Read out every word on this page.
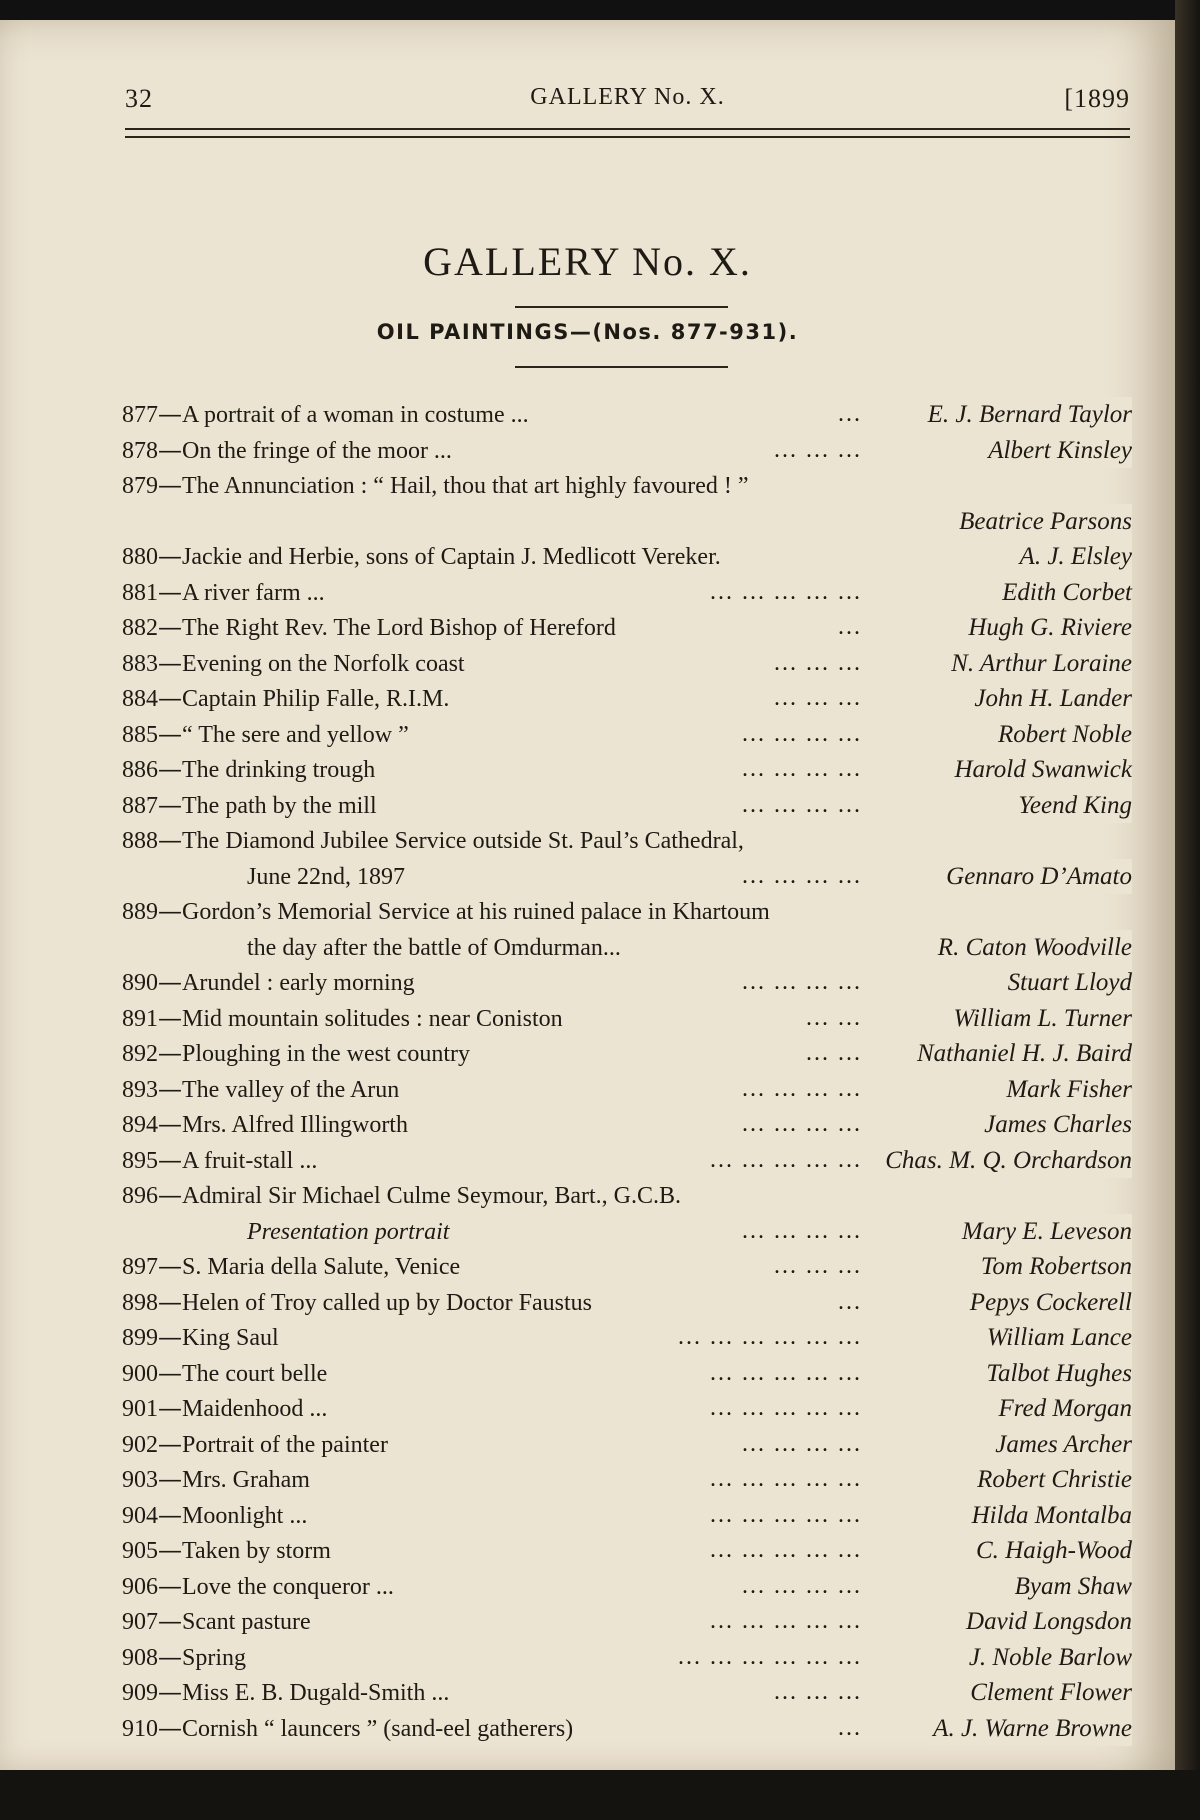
32	GALLERY No. X.	[1899
GALLERY No. X.
OIL PAINTINGS—(Nos. 877-931).
877—A portrait of a woman in costume ...	...	E. J. Bernard Taylor
878—On the fringe of the moor ...	... ... ...	Albert Kinsley
879—The Annunciation : “ Hail, thou that art highly favoured ! ”
Beatrice Parsons
880—Jackie and Herbie, sons of Captain J. Medlicott Vereker.	A. J. Elsley
881—A river farm ...	... ... ... ... ...	Edith Corbet
882—The Right Rev. The Lord Bishop of Hereford	...	Hugh G. Riviere
883—Evening on the Norfolk coast	... ... ...	N. Arthur Loraine
884—Captain Philip Falle, R.I.M.	... ... ...	John H. Lander
885—“ The sere and yellow ”	... ... ... ...	Robert Noble
886—The drinking trough	... ... ... ...	Harold Swanwick
887—The path by the mill	... ... ... ...	Yeend King
888—The Diamond Jubilee Service outside St. Paul’s Cathedral,
June 22nd, 1897	... ... ... ...	Gennaro D’Amato
889—Gordon’s Memorial Service at his ruined palace in Khartoum
the day after the battle of Omdurman...	R. Caton Woodville
890—Arundel : early morning	... ... ... ...	Stuart Lloyd
891—Mid mountain solitudes : near Coniston	... ...	William L. Turner
892—Ploughing in the west country	... ... Nathaniel H. J. Baird
893—The valley of the Arun	... ... ... ...	Mark Fisher
894—Mrs. Alfred Illingworth	... ... ... ...	James Charles
895—A fruit-stall ...	... ... ... ... ... Chas. M. Q. Orchardson
896—Admiral Sir Michael Culme Seymour, Bart., G.C.B.
Presentation portrait	... ... ... ...	Mary E. Leveson
897—S. Maria della Salute, Venice	... ... ...	Tom Robertson
898—Helen of Troy called up by Doctor Faustus	...	Pepys Cockerell
899—King Saul	... ... ... ... ... ...	William Lance
900—The court belle	... ... ... ... ...	Talbot Hughes
901—Maidenhood ...	... ... ... ... ...	Fred Morgan
902—Portrait of the painter	... ... ... ...	James Archer
903—Mrs. Graham	... ... ... ... ...	Robert Christie
904—Moonlight ...	... ... ... ... ...	Hilda Montalba
905—Taken by storm	... ... ... ... ...	C. Haigh-Wood
906—Love the conqueror ...	... ... ... ...	Byam Shaw
907—Scant pasture	... ... ... ... ...	David Longsdon
908—Spring	... ... ... ... ... ...	J. Noble Barlow
909—Miss E. B. Dugald-Smith ...	... ... ...	Clement Flower
910—Cornish “ launcers ” (sand-eel gatherers)	...	A. J. Warne Browne
